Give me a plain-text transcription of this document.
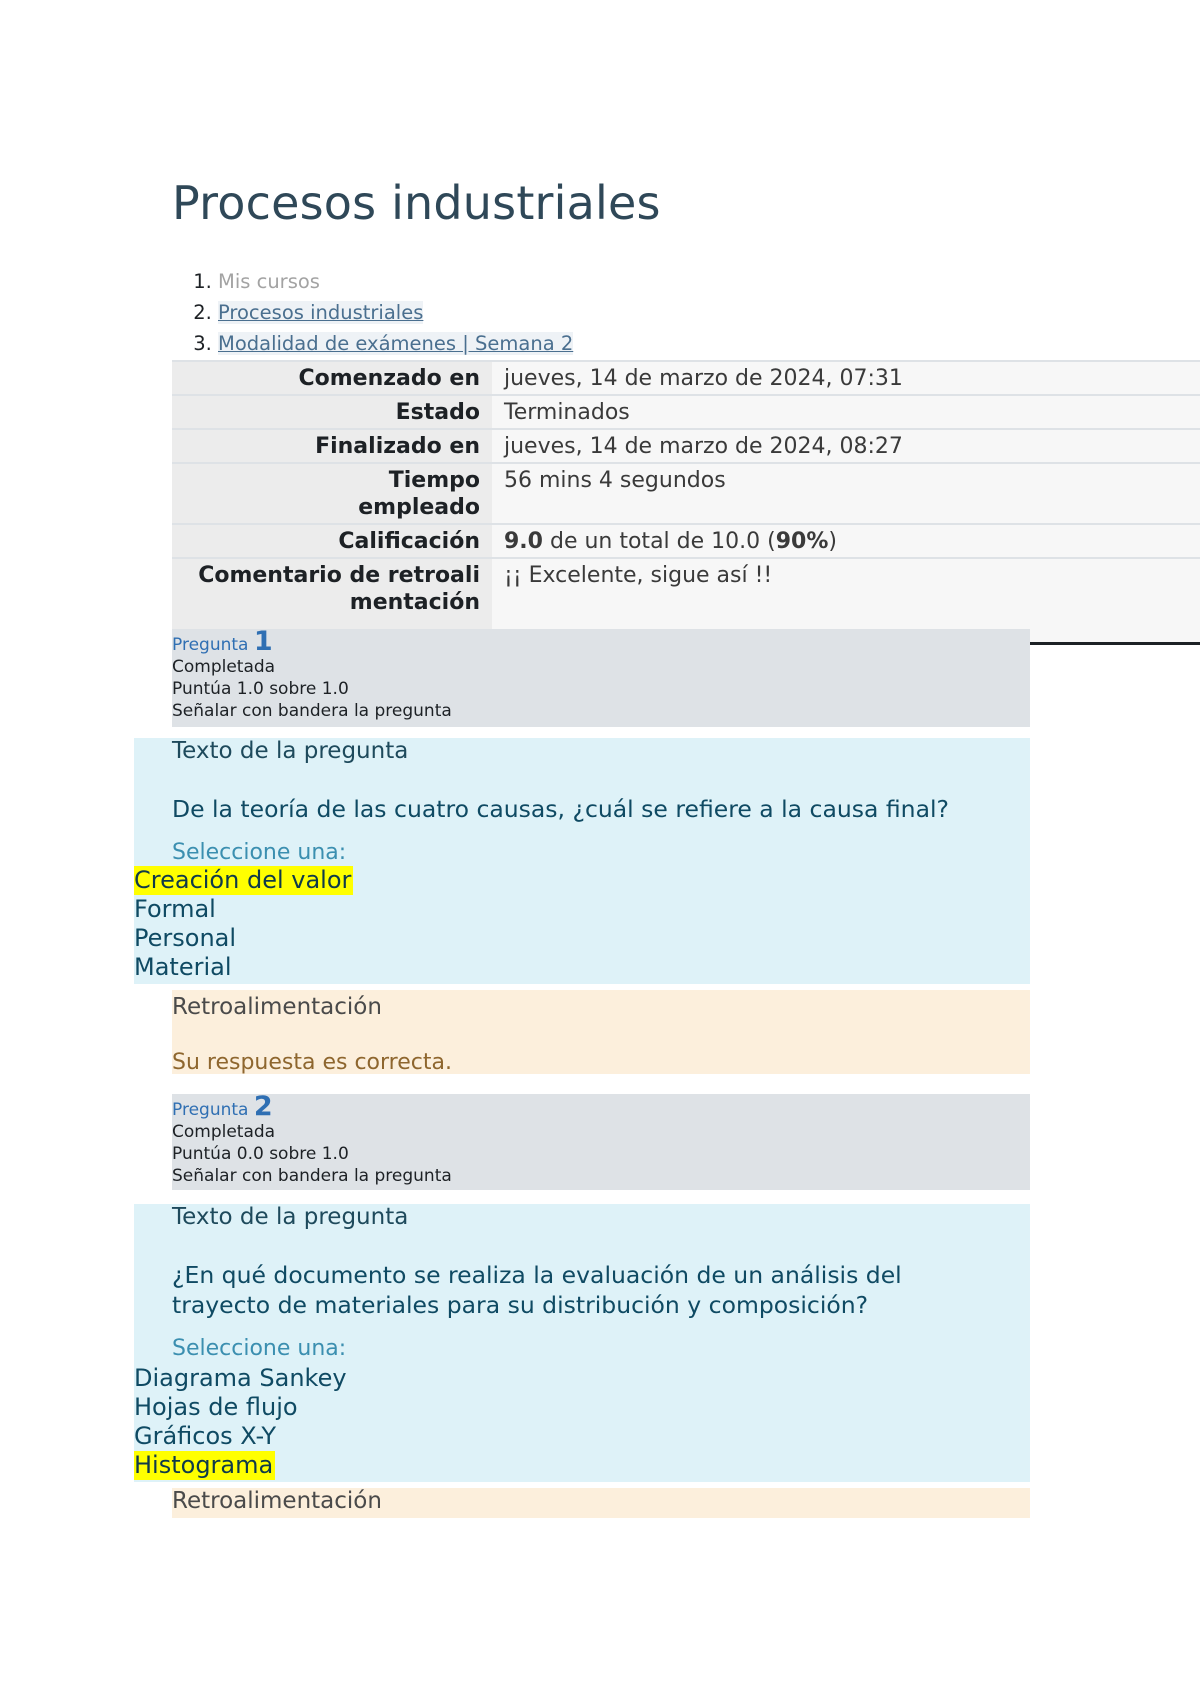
Procesos industriales
1. Mis cursos
2. Procesos industriales
3. Modalidad de exámenes | Semana 2
Comenzado en	jueves, 14 de marzo de 2024, 07:31
Estado	Terminados
Finalizado en	jueves, 14 de marzo de 2024, 08:27
Tiempo empleado	56 mins 4 segundos
Calificación	9.0 de un total de 10.0 (90%)
Comentario de retroalimentación	¡¡ Excelente, sigue así !!
Pregunta 1
Completada
Puntúa 1.0 sobre 1.0
Señalar con bandera la pregunta
Texto de la pregunta
De la teoría de las cuatro causas, ¿cuál se refiere a la causa final?
Seleccione una:
Creación del valor
Formal
Personal
Material
Retroalimentación
Su respuesta es correcta.
Pregunta 2
Completada
Puntúa 0.0 sobre 1.0
Señalar con bandera la pregunta
Texto de la pregunta
¿En qué documento se realiza la evaluación de un análisis del trayecto de materiales para su distribución y composición?
Seleccione una:
Diagrama Sankey
Hojas de flujo
Gráficos X-Y
Histograma
Retroalimentación
